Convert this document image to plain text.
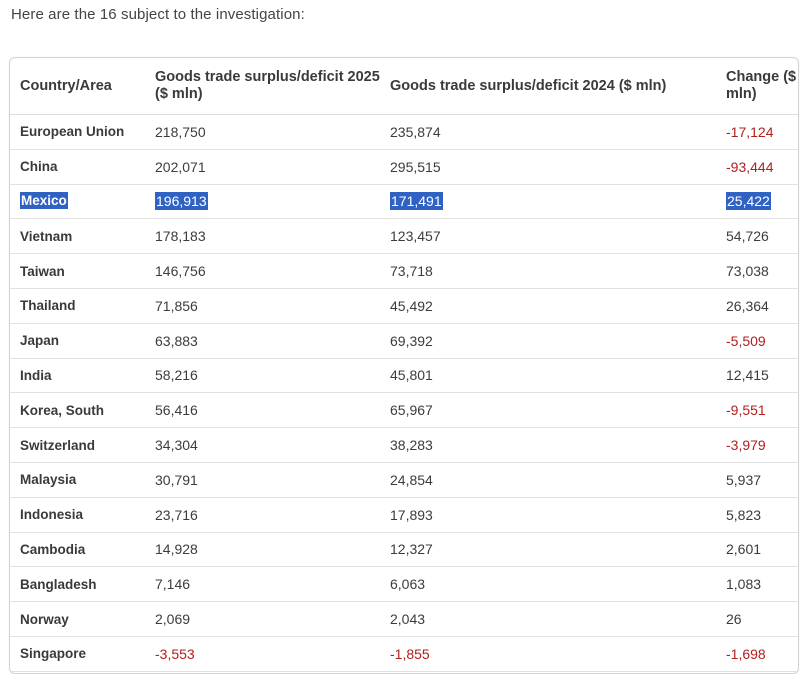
Here are the 16 subject to the investigation:
Country/Area	Goods trade surplus/deficit 2025 ($ mln)	Goods trade surplus/deficit 2024 ($ mln)	Change ($ mln)
European Union	218,750	235,874	-17,124
China	202,071	295,515	-93,444
Mexico	196,913	171,491	25,422
Vietnam	178,183	123,457	54,726
Taiwan	146,756	73,718	73,038
Thailand	71,856	45,492	26,364
Japan	63,883	69,392	-5,509
India	58,216	45,801	12,415
Korea, South	56,416	65,967	-9,551
Switzerland	34,304	38,283	-3,979
Malaysia	30,791	24,854	5,937
Indonesia	23,716	17,893	5,823
Cambodia	14,928	12,327	2,601
Bangladesh	7,146	6,063	1,083
Norway	2,069	2,043	26
Singapore	-3,553	-1,855	-1,698
